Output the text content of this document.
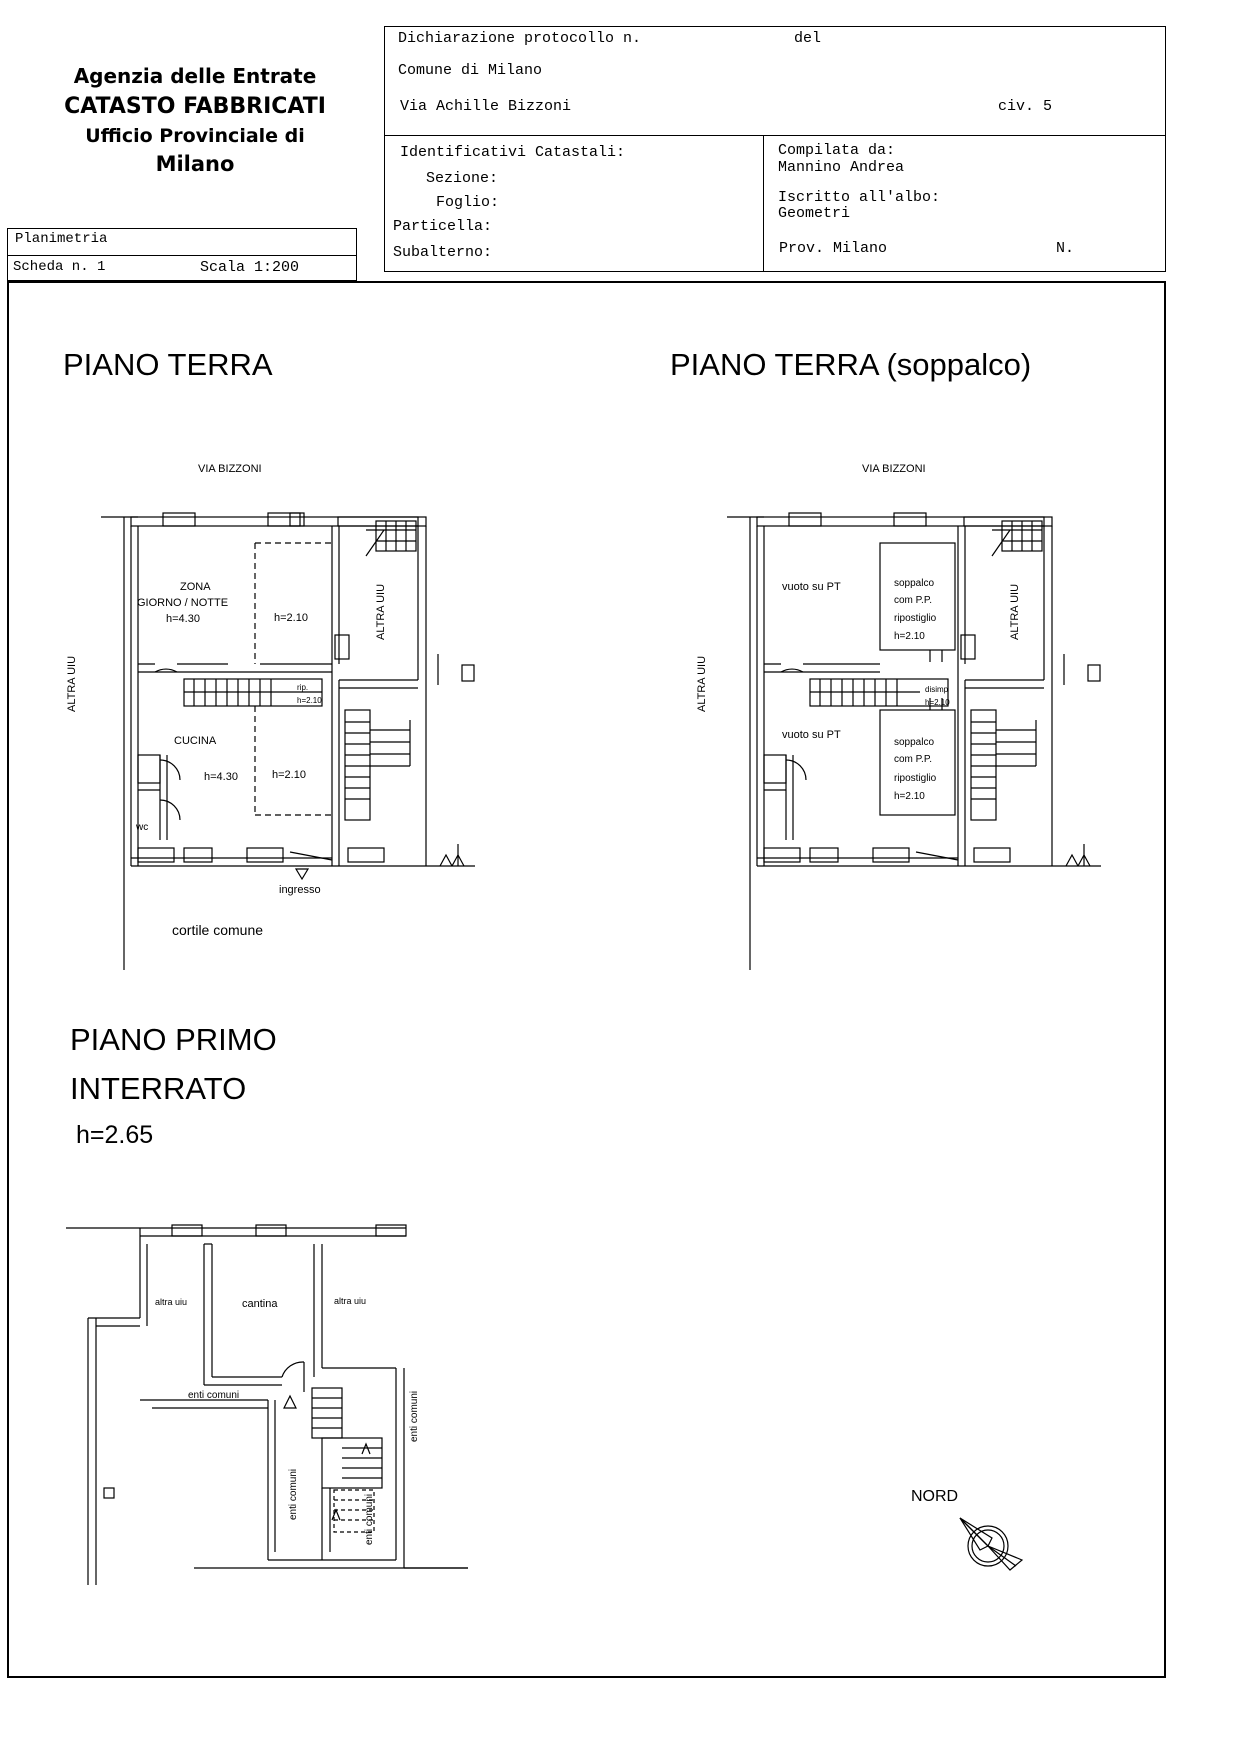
Agenzia delle Entrate
CATASTO FABBRICATI
Ufficio Provinciale di
Milano
Dichiarazione protocollo n.	del
Comune di Milano
Via Achille Bizzoni	civ. 5
Identificativi Catastali:
Sezione:
Foglio:
Particella:
Subalterno:
Compilata da:
Mannino Andrea
Iscritto all'albo:
Geometri
Prov. Milano	N.
Planimetria
Scheda n. 1	Scala 1:200
PIANO TERRA	PIANO TERRA (soppalco)
PIANO PRIMO
INTERRATO
h=2.65
VIA BIZZONI
ALTRA UIU
ALTRA UIU
ZONA
GIORNO / NOTTE
h=4.30	h=2.10
rip.
h=2.10
CUCINA
h=4.30	h=2.10
wc
ingresso
cortile comune
VIA BIZZONI
ALTRA UIU
ALTRA UIU
vuoto su PT
vuoto su PT
soppalco
com P.P.
ripostiglio
h=2.10
disimp
h=2.10
soppalco
com P.P.
ripostiglio
h=2.10
altra uiu	cantina	altra uiu
enti comuni	enti comuni
enti comuni	enti comuni	NORD
